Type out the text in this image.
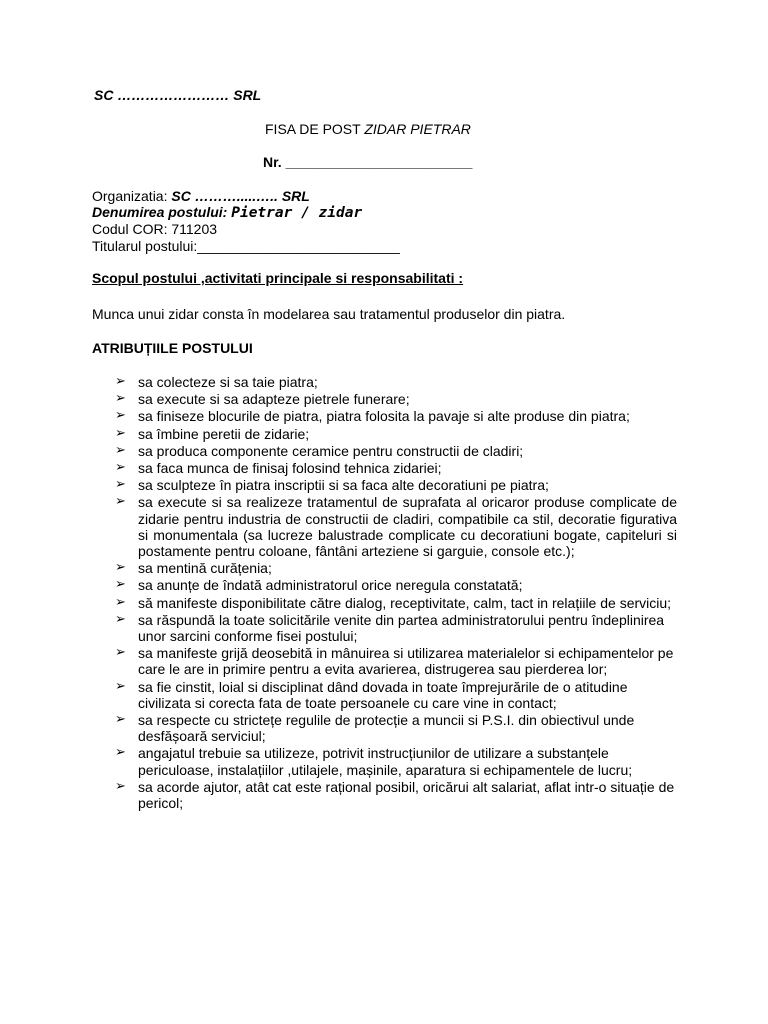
SC …………………… SRL
FISA DE POST ZIDAR PIETRAR
Nr. ________________________
Organizatia: SC ……….....….. SRL
Denumirea postului: Pietrar / zidar
Codul COR: 711203
Titularul postului:__________________________
Scopul postului ,activitati principale si responsabilitati :
Munca unui zidar consta în modelarea sau tratamentul produselor din piatra.
ATRIBUȚIILE POSTULUI
➢ sa colecteze si sa taie piatra;
➢ sa execute si sa adapteze pietrele funerare;
➢ sa finiseze blocurile de piatra, piatra folosita la pavaje si alte produse din piatra;
➢ sa îmbine peretii de zidarie;
➢ sa produca componente ceramice pentru constructii de cladiri;
➢ sa faca munca de finisaj folosind tehnica zidariei;
➢ sa sculpteze în piatra inscriptii si sa faca alte decoratiuni pe piatra;
➢ sa execute si sa realizeze tratamentul de suprafata al oricaror produse complicate de zidarie pentru industria de constructii de cladiri, compatibile ca stil, decoratie figurativa si monumentala (sa lucreze balustrade complicate cu decoratiuni bogate, capiteluri si postamente pentru coloane, fântâni arteziene si garguie, console etc.);
➢ sa mentină curățenia;
➢ sa anunțe de îndată administratorul orice neregula constatată;
➢ să manifeste disponibilitate către dialog, receptivitate, calm, tact in relațiile de serviciu;
➢ sa răspundă la toate solicitările venite din partea administratorului pentru îndeplinirea unor sarcini conforme fisei postului;
➢ sa manifeste grijă deosebită in mânuirea si utilizarea materialelor si echipamentelor pe care le are in primire pentru a evita avarierea, distrugerea sau pierderea lor;
➢ sa fie cinstit, loial si disciplinat dând dovada in toate împrejurările de o atitudine civilizata si corecta fata de toate persoanele cu care vine in contact;
➢ sa respecte cu strictețe regulile de protecție a muncii si P.S.I. din obiectivul unde desfășoară serviciul;
➢ angajatul trebuie sa utilizeze, potrivit instrucțiunilor de utilizare a substanțele periculoase, instalațiilor ,utilajele, mașinile, aparatura si echipamentele de lucru;
➢ sa acorde ajutor, atât cat este rațional posibil, oricărui alt salariat, aflat intr-o situație de pericol;
